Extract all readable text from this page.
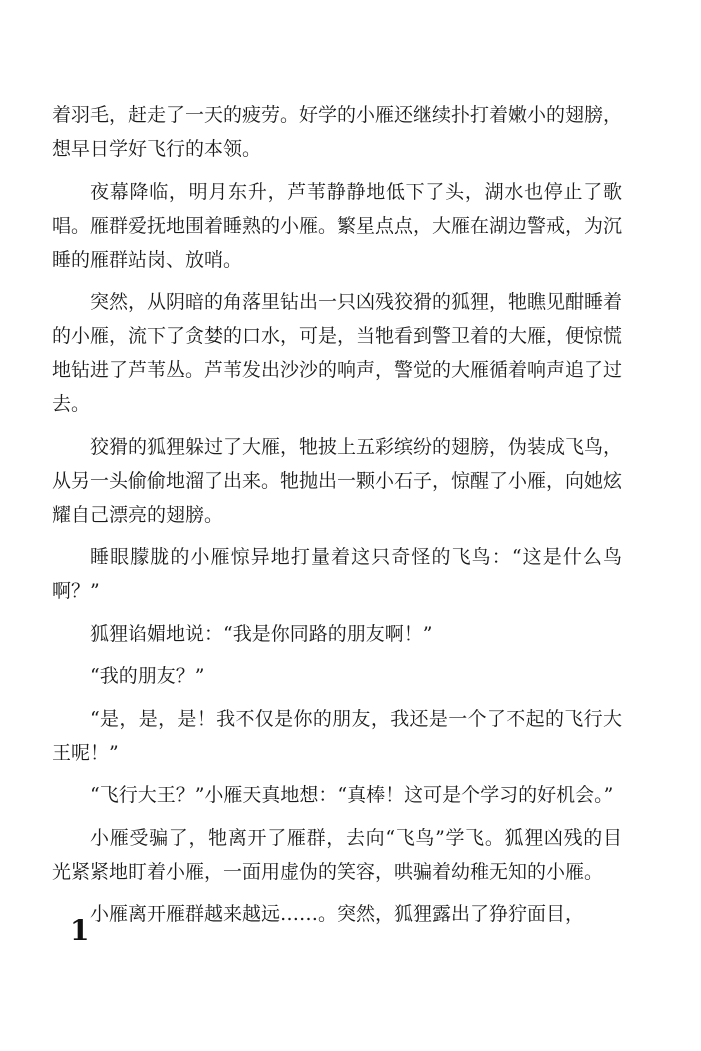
着羽毛，赶走了一天的疲劳。好学的小雁还继续扑打着嫩小的翅膀，想早日学好飞行的本领。

夜幕降临，明月东升，芦苇静静地低下了头，湖水也停止了歌唱。雁群爱抚地围着睡熟的小雁。繁星点点，大雁在湖边警戒，为沉睡的雁群站岗、放哨。

突然，从阴暗的角落里钻出一只凶残狡猾的狐狸，牠瞧见酣睡着的小雁，流下了贪婪的口水，可是，当牠看到警卫着的大雁，便惊慌地钻进了芦苇丛。芦苇发出沙沙的响声，警觉的大雁循着响声追了过去。

狡猾的狐狸躲过了大雁，牠披上五彩缤纷的翅膀，伪装成飞鸟，从另一头偷偷地溜了出来。牠抛出一颗小石子，惊醒了小雁，向她炫耀自己漂亮的翅膀。

睡眼朦胧的小雁惊异地打量着这只奇怪的飞鸟：“这是什么鸟啊？”

狐狸谄媚地说：“我是你同路的朋友啊！”

“我的朋友？”

“是，是，是！我不仅是你的朋友，我还是一个了不起的飞行大王呢！”

“飞行大王？”小雁天真地想：“真棒！这可是个学习的好机会。”

小雁受骗了，牠离开了雁群，去向“飞鸟”学飞。狐狸凶残的目光紧紧地盯着小雁，一面用虚伪的笑容，哄骗着幼稚无知的小雁。

小雁离开雁群越来越远……。突然，狐狸露出了狰狞面目，

1
